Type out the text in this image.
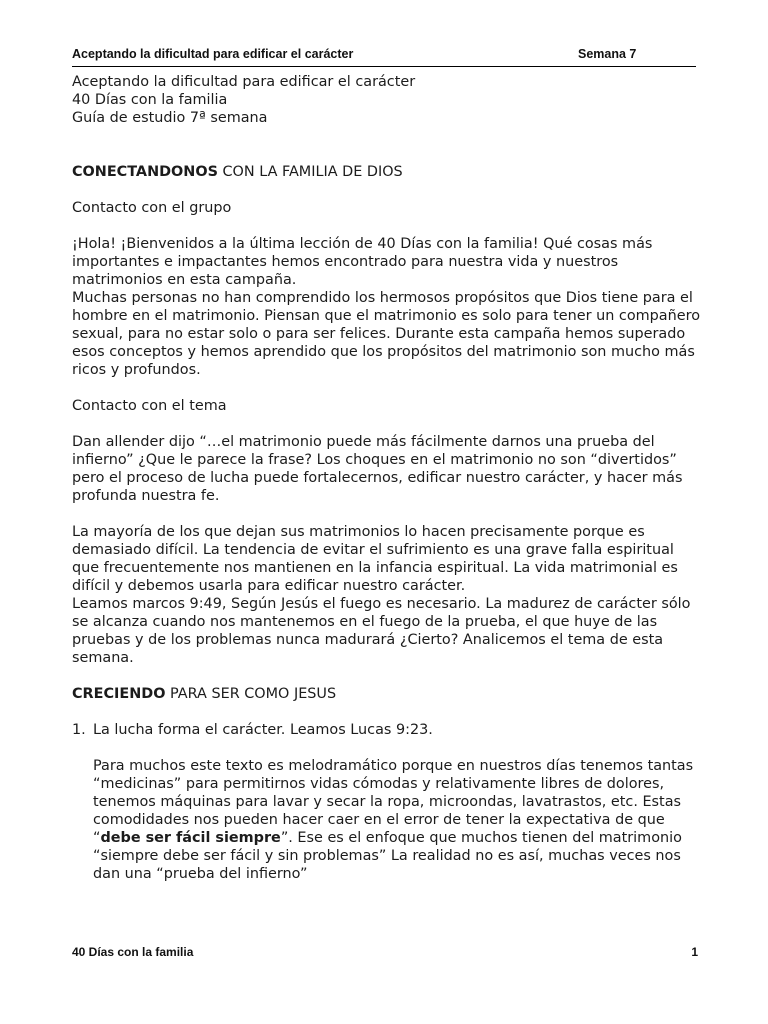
Aceptando la dificultad para edificar el carácter	Semana 7

Aceptando la dificultad para edificar el carácter

40 Días con la familia

Guía de estudio 7ª semana

CONECTANDONOS CON LA FAMILIA DE DIOS

Contacto con el grupo

¡Hola! ¡Bienvenidos a la última lección de 40 Días con la familia! Qué cosas más importantes e impactantes hemos encontrado para nuestra vida y nuestros matrimonios en esta campaña.

Muchas personas no han comprendido los hermosos propósitos que Dios tiene para el hombre en el matrimonio. Piensan que el matrimonio es solo para tener un compañero sexual, para no estar solo o para ser felices. Durante esta campaña hemos superado esos conceptos y hemos aprendido que los propósitos del matrimonio son mucho más ricos y profundos.

Contacto con el tema

Dan allender dijo “…el matrimonio puede más fácilmente darnos una prueba del infierno” ¿Que le parece la frase? Los choques en el matrimonio no son “divertidos” pero el proceso de lucha puede fortalecernos, edificar nuestro carácter, y hacer más profunda nuestra fe.

La mayoría de los que dejan sus matrimonios lo hacen precisamente porque es demasiado difícil. La tendencia de evitar el sufrimiento es una grave falla espiritual que frecuentemente nos mantienen en la infancia espiritual. La vida matrimonial es difícil y debemos usarla para edificar nuestro carácter.

Leamos marcos 9:49, Según Jesús el fuego es necesario. La madurez de carácter sólo se alcanza cuando nos mantenemos en el fuego de la prueba, el que huye de las pruebas y de los problemas nunca madurará ¿Cierto? Analicemos el tema de esta semana.

CRECIENDO PARA SER COMO JESUS

1. La lucha forma el carácter. Leamos Lucas 9:23.

Para muchos este texto es melodramático porque en nuestros días tenemos tantas “medicinas” para permitirnos vidas cómodas y relativamente libres de dolores, tenemos máquinas para lavar y secar la ropa, microondas, lavatrastos, etc. Estas comodidades nos pueden hacer caer en el error de tener la expectativa de que “debe ser fácil siempre”. Ese es el enfoque que muchos tienen del matrimonio “siempre debe ser fácil y sin problemas” La realidad no es así, muchas veces nos dan una “prueba del infierno”

40 Días con la familia	1
